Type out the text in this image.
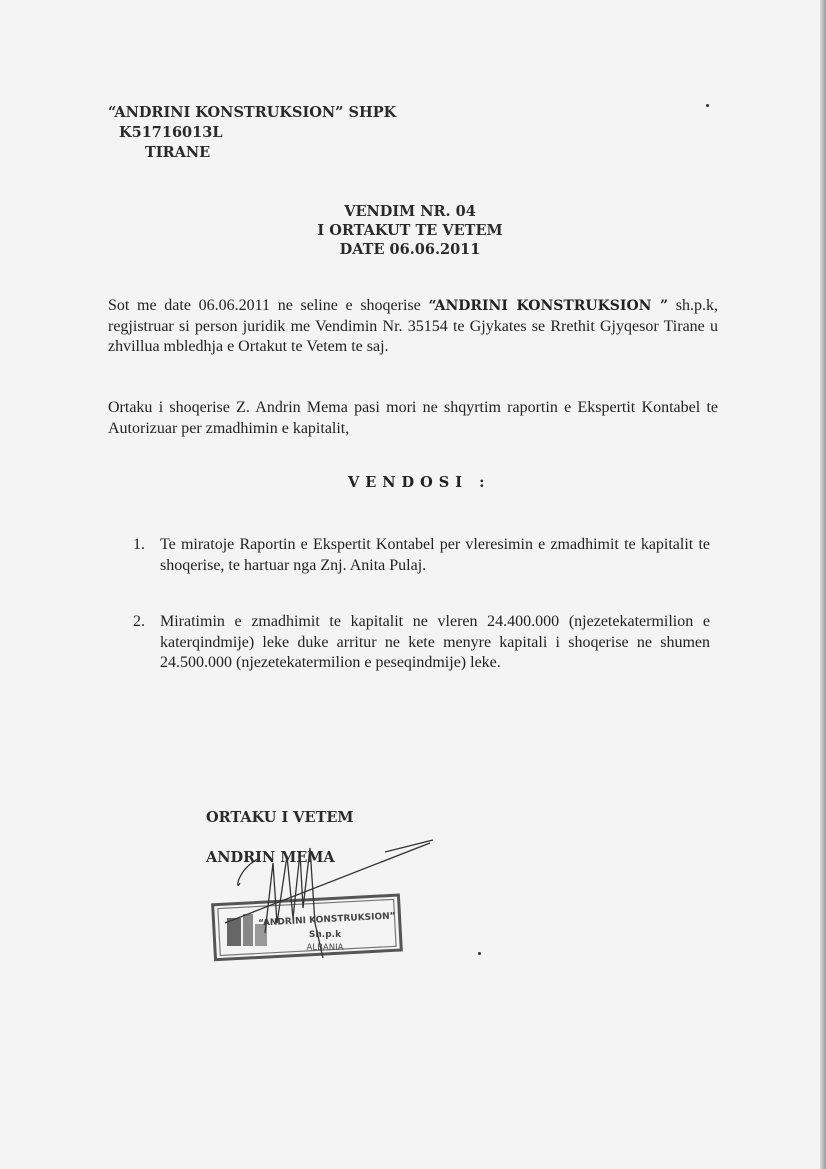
“ANDRINI KONSTRUKSION” SHPK
K51716013L
TIRANE
VENDIM NR. 04
I ORTAKUT TE VETEM
DATE 06.06.2011
Sot me date 06.06.2011 ne seline e shoqerise “ANDRINI KONSTRUKSION ” sh.p.k, regjistruar si person juridik me Vendimin Nr. 35154 te Gjykates se Rrethit Gjyqesor Tirane u zhvillua mbledhja e Ortakut te Vetem te saj.
Ortaku i shoqerise Z. Andrin Mema pasi mori ne shqyrtim raportin e Ekspertit Kontabel te Autorizuar per zmadhimin e kapitalit,
VENDOSI :
1. Te miratoje Raportin e Ekspertit Kontabel per vleresimin e zmadhimit te kapitalit te shoqerise, te hartuar nga Znj. Anita Pulaj.
2. Miratimin e zmadhimit te kapitalit ne vleren 24.400.000 (njezetekatermilion e katerqindmije) leke duke arritur ne kete menyre kapitali i shoqerise ne shumen 24.500.000 (njezetekatermilion e peseqindmije) leke.
ORTAKU I VETEM
ANDRIN MEMA
“ANDRINI KONSTRUKSION”
Sh.p.k
ALBANIA
